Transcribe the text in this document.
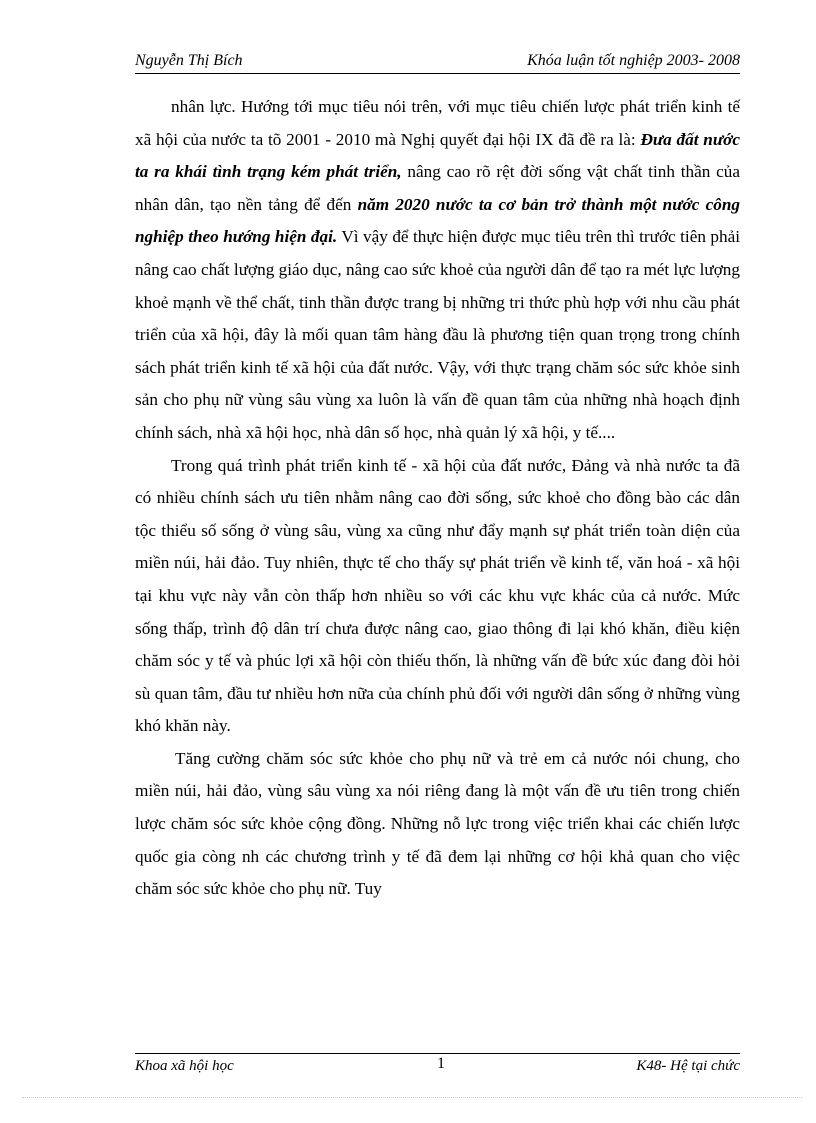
Nguyễn Thị Bích	Khóa luận tốt nghiệp 2003- 2008

nhân lực. Hướng tới mục tiêu nói trên, với mục tiêu chiến lược phát triển kinh tế xã hội của nước ta tõ 2001 - 2010 mà Nghị quyết đại hội IX đã đề ra là: Đưa đất nước ta ra khái tình trạng kém phát triển, nâng cao rõ rệt đời sống vật chất tinh thần của nhân dân, tạo nền tảng để đến năm 2020 nước ta cơ bản trở thành một nước công nghiệp theo hướng hiện đại. Vì vậy để thực hiện được mục tiêu trên thì trước tiên phải nâng cao chất lượng giáo dục, nâng cao sức khoẻ của người dân để tạo ra mét lực lượng khoẻ mạnh về thể chất, tinh thần được trang bị những tri thức phù hợp với nhu cầu phát triển của xã hội, đây là mối quan tâm hàng đầu là phương tiện quan trọng trong chính sách phát triển kinh tế xã hội của đất nước. Vậy, với thực trạng chăm sóc sức khỏe sinh sản cho phụ nữ vùng sâu vùng xa luôn là vấn đề quan tâm của những nhà hoạch định chính sách, nhà xã hội học, nhà dân số học, nhà quản lý xã hội, y tế....

Trong quá trình phát triển kinh tế - xã hội của đất nước, Đảng và nhà nước ta đã có nhiều chính sách ưu tiên nhằm nâng cao đời sống, sức khoẻ cho đồng bào các dân tộc thiểu số sống ở vùng sâu, vùng xa cũng như đẩy mạnh sự phát triển toàn diện của miền núi, hải đảo. Tuy nhiên, thực tế cho thấy sự phát triển về kinh tế, văn hoá - xã hội tại khu vực này vẫn còn thấp hơn nhiều so với các khu vực khác của cả nước. Mức sống thấp, trình độ dân trí chưa được nâng cao, giao thông đi lại khó khăn, điều kiện chăm sóc y tế và phúc lợi xã hội còn thiếu thốn, là những vấn đề bức xúc đang đòi hỏi sù quan tâm, đầu tư nhiều hơn nữa của chính phủ đối với người dân sống ở những vùng khó khăn này.

Tăng cường chăm sóc sức khỏe cho phụ nữ và trẻ em cả nước nói chung, cho miền núi, hải đảo, vùng sâu vùng xa nói riêng đang là một vấn đề ưu tiên trong chiến lược chăm sóc sức khỏe cộng đồng. Những nỗ lực trong việc triển khai các chiến lược quốc gia còng nh các chương trình y tế đã đem lại những cơ hội khả quan cho việc chăm sóc sức khỏe cho phụ nữ. Tuy

Khoa xã hội học	1	K48- Hệ tại chức
